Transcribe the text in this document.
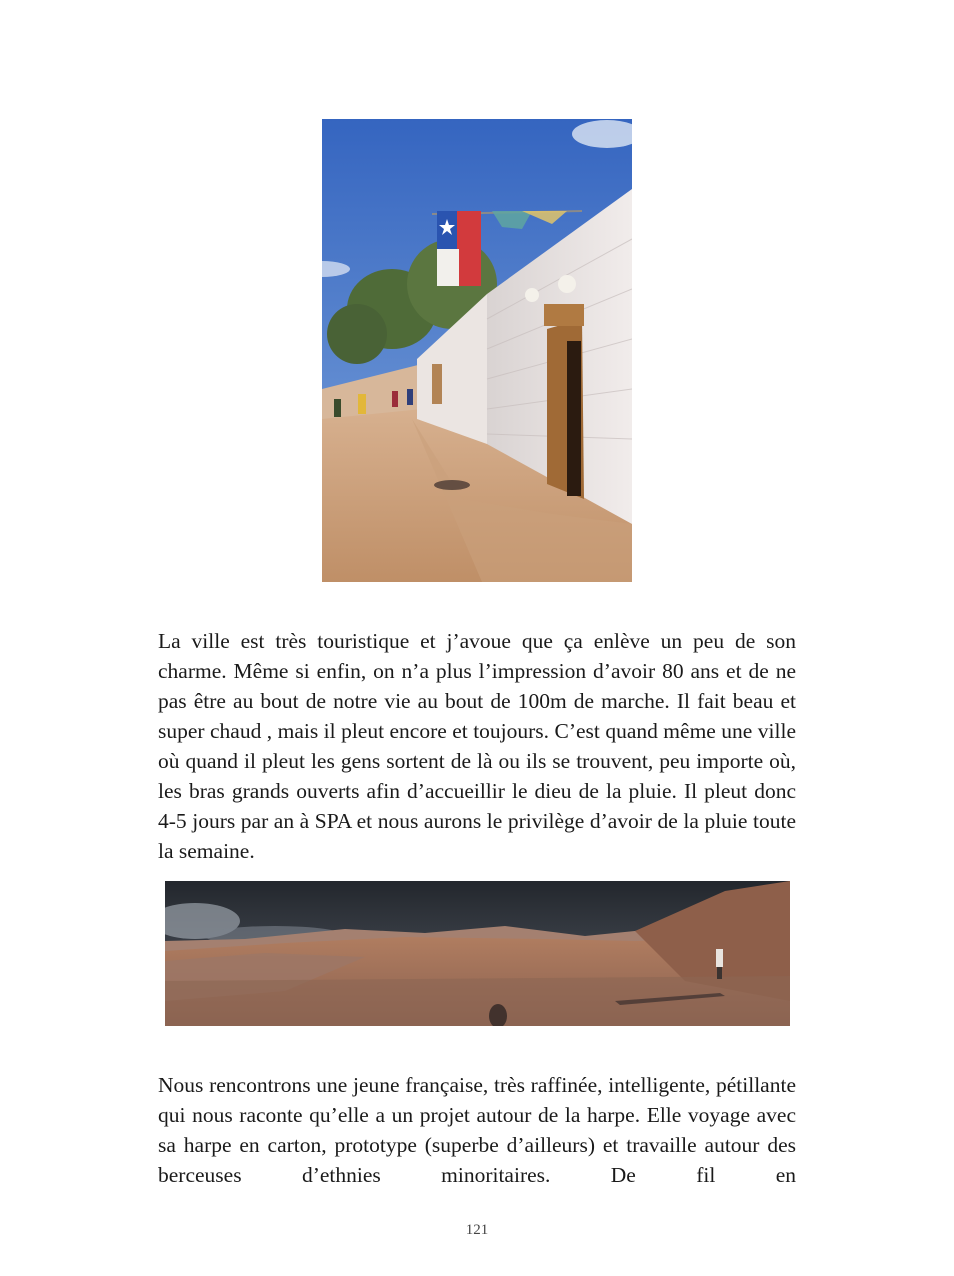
La ville est très touristique et j’avoue que ça enlève un peu de son charme. Même si enfin, on n’a plus l’impression d’avoir 80 ans et de ne pas être au bout de notre vie au bout de 100m de marche. Il fait beau et super chaud , mais il pleut encore et toujours. C’est quand même une ville où quand il pleut les gens sortent de là ou ils se trouvent, peu importe où, les bras grands ouverts afin d’accueillir le dieu de la pluie. Il pleut donc 4-5 jours par an à SPA et nous aurons le privilège d’avoir de la pluie toute la semaine.

Nous rencontrons une jeune française, très raffinée, intelligente, pétillante qui nous raconte qu’elle a un projet autour de la harpe. Elle voyage avec sa harpe en carton, prototype (superbe d’ailleurs) et travaille autour des berceuses d’ethnies minoritaires. De fil en

121
